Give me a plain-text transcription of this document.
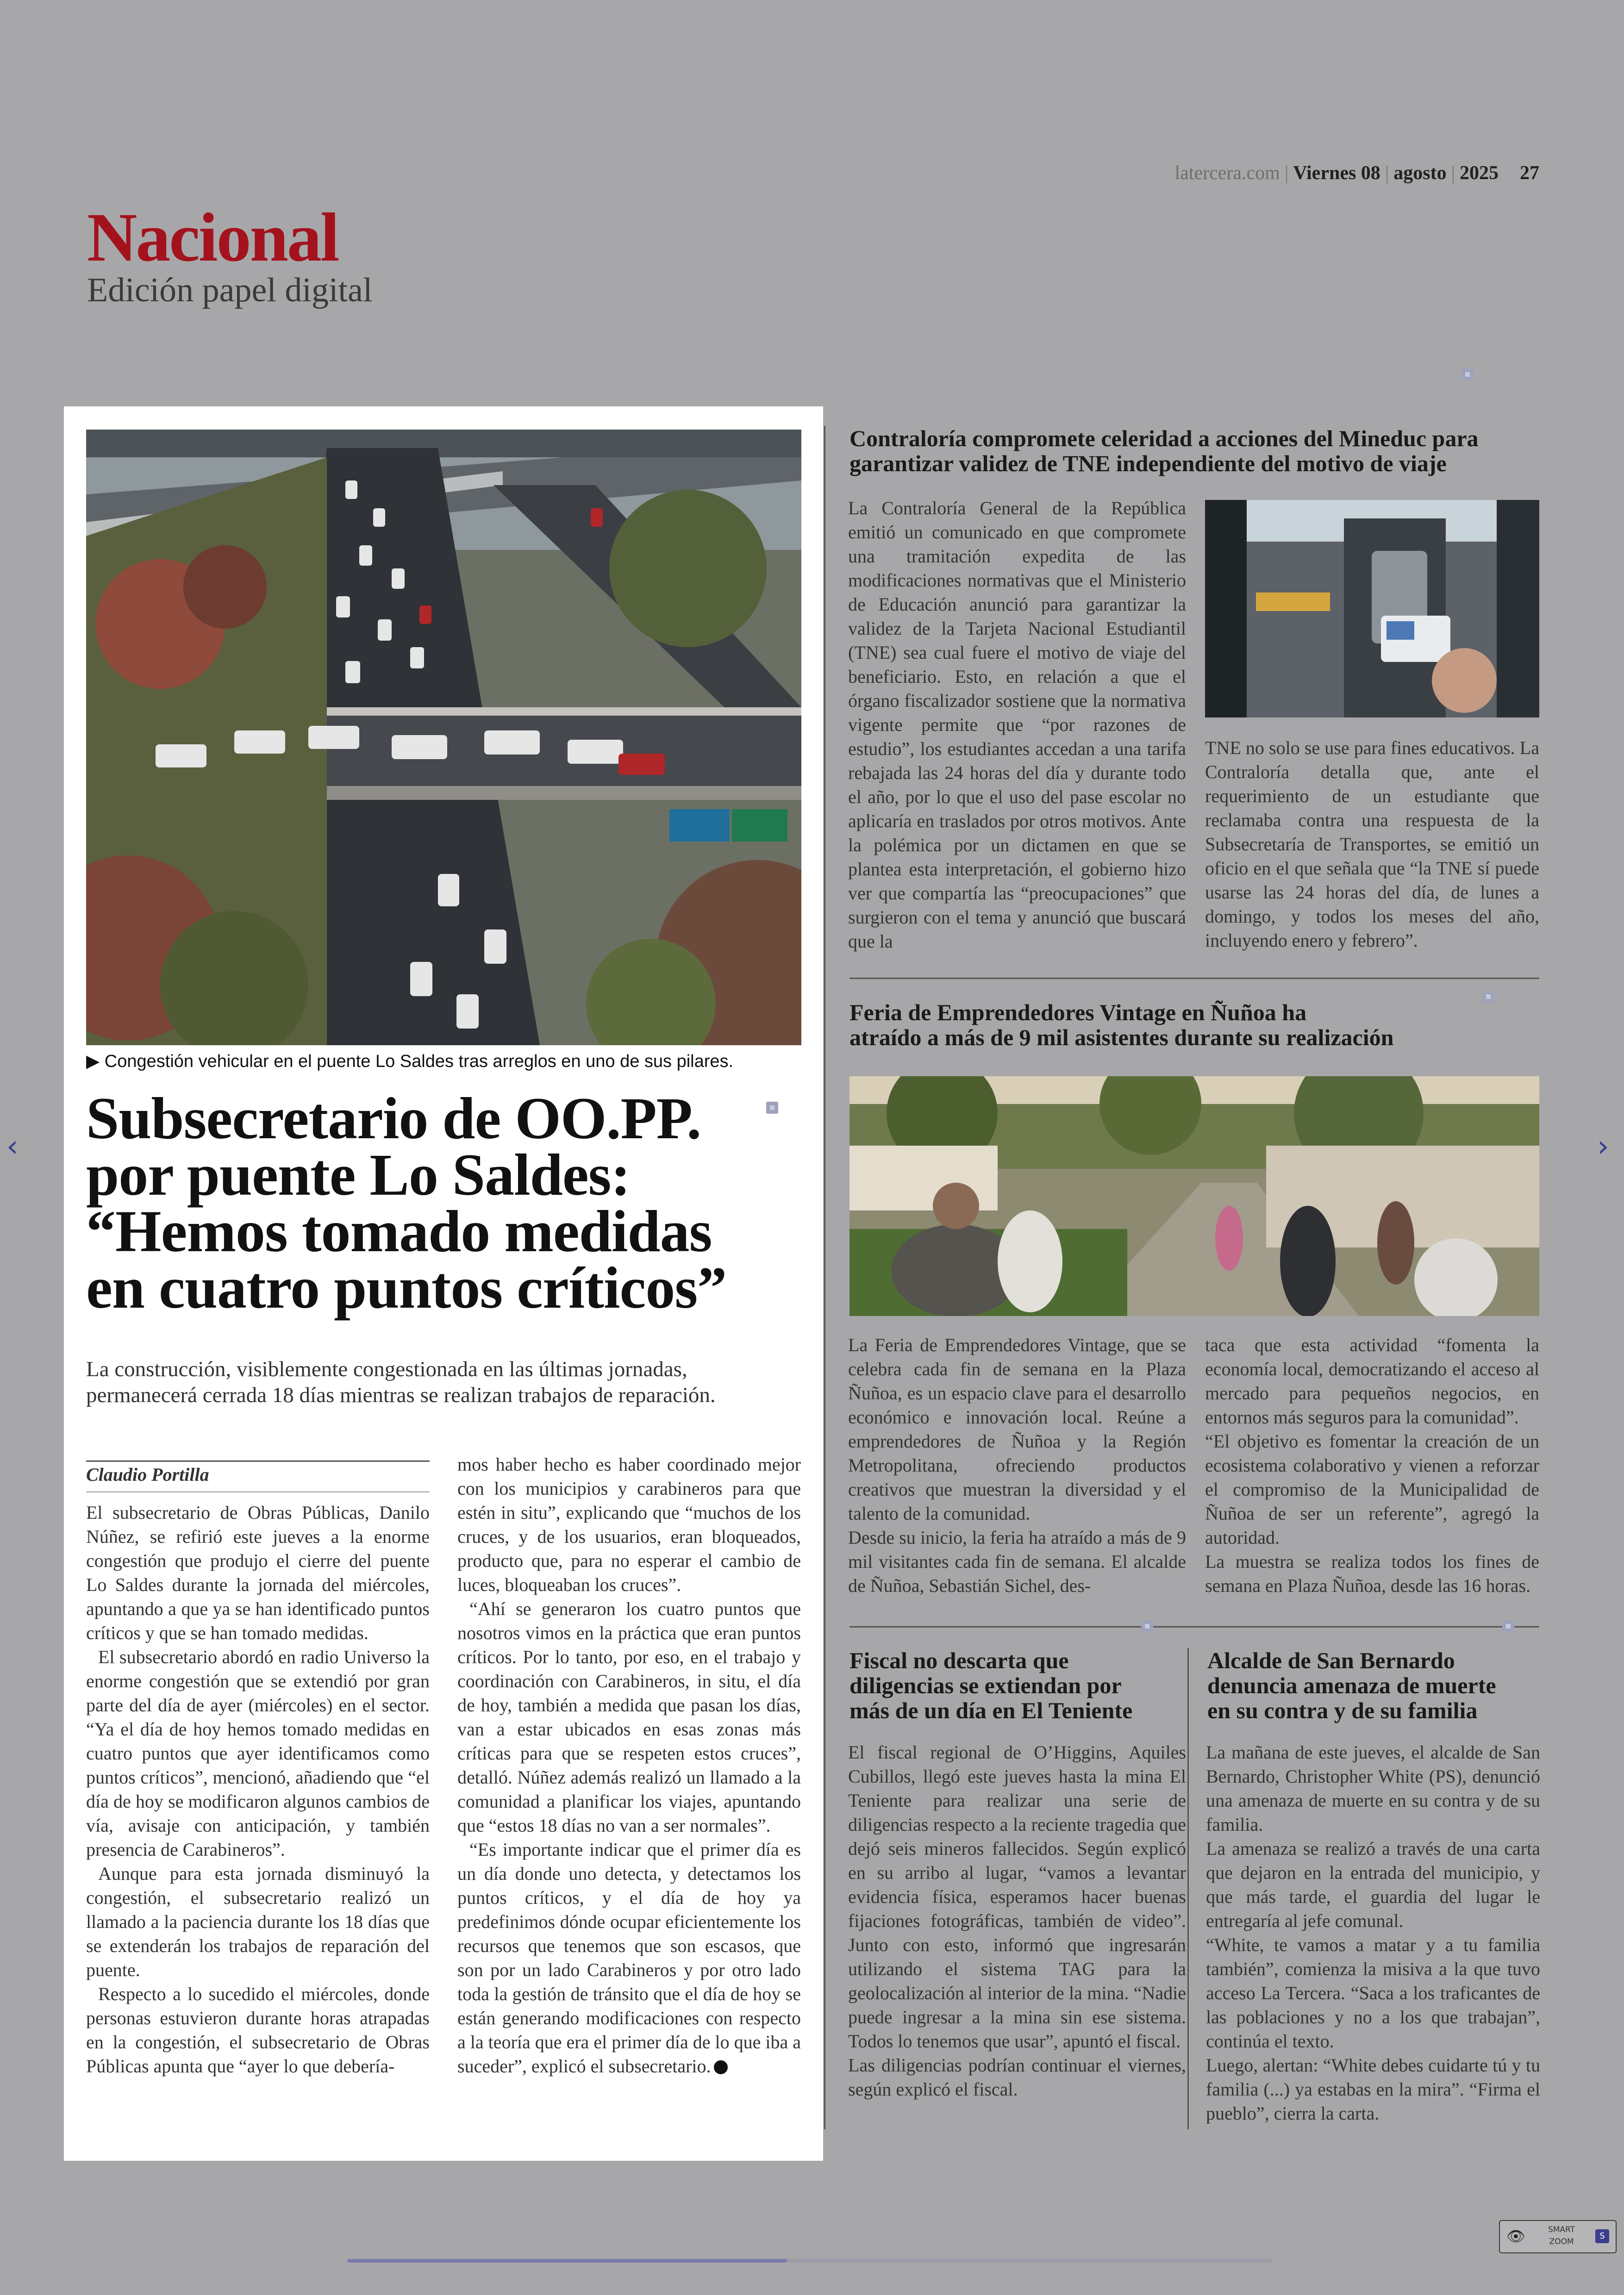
latercera.com | Viernes 08 | agosto | 2025 27
Nacional
Edición papel digital
▶ Congestión vehicular en el puente Lo Saldes tras arreglos en uno de sus pilares.
Subsecretario de OO.PP.
por puente Lo Saldes:
“Hemos tomado medidas
en cuatro puntos críticos”
La construcción, visiblemente congestionada en las últimas jornadas, permanecerá cerrada 18 días mientras se realizan trabajos de reparación.
Claudio Portilla

El subsecretario de Obras Públicas, Danilo Núñez, se refirió este jueves a la enorme congestión que produjo el cierre del puente Lo Saldes durante la jornada del miércoles, apuntando a que ya se han identificado puntos críticos y que se han tomado medidas.

El subsecretario abordó en radio Universo la enorme congestión que se extendió por gran parte del día de ayer (miércoles) en el sector. “Ya el día de hoy hemos tomado medidas en cuatro puntos que ayer identificamos como puntos críticos”, mencionó, añadiendo que “el día de hoy se modificaron algunos cambios de vía, avisaje con anticipación, y también presencia de Carabineros”.

Aunque para esta jornada disminuyó la congestión, el subsecretario realizó un llamado a la paciencia durante los 18 días que se extenderán los trabajos de reparación del puente.

Respecto a lo sucedido el miércoles, donde personas estuvieron durante horas atrapadas en la congestión, el subsecretario de Obras Públicas apunta que “ayer lo que debería-

mos haber hecho es haber coordinado mejor con los municipios y carabineros para que estén in situ”, explicando que “muchos de los cruces, y de los usuarios, eran bloqueados, producto que, para no esperar el cambio de luces, bloqueaban los cruces”.

“Ahí se generaron los cuatro puntos que nosotros vimos en la práctica que eran puntos críticos. Por lo tanto, por eso, en el trabajo y coordinación con Carabineros, in situ, el día de hoy, también a medida que pasan los días, van a estar ubicados en esas zonas más críticas para que se respeten estos cruces”, detalló. Núñez además realizó un llamado a la comunidad a planificar los viajes, apuntando que “estos 18 días no van a ser normales”.

“Es importante indicar que el primer día es un día donde uno detecta, y detectamos los puntos críticos, y el día de hoy ya predefinimos dónde ocupar eficientemente los recursos que tenemos que son escasos, que son por un lado Carabineros y por otro lado toda la gestión de tránsito que el día de hoy se están generando modificaciones con respecto a la teoría que era el primer día de lo que iba a suceder”, explicó el subsecretario.

Contraloría compromete celeridad a acciones del Mineduc para
garantizar validez de TNE independiente del motivo de viaje
La Contraloría General de la República emitió un comunicado en que compromete una tramitación expedita de las modificaciones normativas que el Ministerio de Educación anunció para garantizar la validez de la Tarjeta Nacional Estudiantil (TNE) sea cual fuere el motivo de viaje del beneficiario. Esto, en relación a que el órgano fiscalizador sostiene que la normativa vigente permite que “por razones de estudio”, los estudiantes accedan a una tarifa rebajada las 24 horas del día y durante todo el año, por lo que el uso del pase escolar no aplicaría en traslados por otros motivos. Ante la polémica por un dictamen en que se plantea esta interpretación, el gobierno hizo ver que compartía las “preocupaciones” que surgieron con el tema y anunció que buscará que la
TNE no solo se use para fines educativos. La Contraloría detalla que, ante el requerimiento de un estudiante que reclamaba contra una respuesta de la Subsecretaría de Transportes, se emitió un oficio en el que señala que “la TNE sí puede usarse las 24 horas del día, de lunes a domingo, y todos los meses del año, incluyendo enero y febrero”.
Feria de Emprendedores Vintage en Ñuñoa ha
atraído a más de 9 mil asistentes durante su realización

La Feria de Emprendedores Vintage, que se celebra cada fin de semana en la Plaza Ñuñoa, es un espacio clave para el desarrollo económico e innovación local. Reúne a emprendedores de Ñuñoa y la Región Metropolitana, ofreciendo productos creativos que muestran la diversidad y el talento de la comunidad.

Desde su inicio, la feria ha atraído a más de 9 mil visitantes cada fin de semana. El alcalde de Ñuñoa, Sebastián Sichel, des-

taca que esta actividad “fomenta la economía local, democratizando el acceso al mercado para pequeños negocios, en entornos más seguros para la comunidad”.

“El objetivo es fomentar la creación de un ecosistema colaborativo y vienen a reforzar el compromiso de la Municipalidad de Ñuñoa de ser un referente”, agregó la autoridad.

La muestra se realiza todos los fines de semana en Plaza Ñuñoa, desde las 16 horas.

Fiscal no descarta que
diligencias se extiendan por
más de un día en El Teniente

El fiscal regional de O’Higgins, Aquiles Cubillos, llegó este jueves hasta la mina El Teniente para realizar una serie de diligencias respecto a la reciente tragedia que dejó seis mineros fallecidos. Según explicó en su arribo al lugar, “vamos a levantar evidencia física, esperamos hacer buenas fijaciones fotográficas, también de video”. Junto con esto, informó que ingresarán utilizando el sistema TAG para la geolocalización al interior de la mina. “Nadie puede ingresar a la mina sin ese sistema. Todos lo tenemos que usar”, apuntó el fiscal.

Las diligencias podrían continuar el viernes, según explicó el fiscal.

Alcalde de San Bernardo
denuncia amenaza de muerte
en su contra y de su familia

La mañana de este jueves, el alcalde de San Bernardo, Christopher White (PS), denunció una amenaza de muerte en su contra y de su familia.

La amenaza se realizó a través de una carta que dejaron en la entrada del municipio, y que más tarde, el guardia del lugar le entregaría al jefe comunal.

“White, te vamos a matar y a tu familia también”, comienza la misiva a la que tuvo acceso La Tercera. “Saca a los traficantes de las poblaciones y no a los que trabajan”, continúa el texto.

Luego, alertan: “White debes cuidarte tú y tu familia (...) ya estabas en la mira”. “Firma el pueblo”, cierra la carta.

‹	›
👁	SMART
ZOOM
S
